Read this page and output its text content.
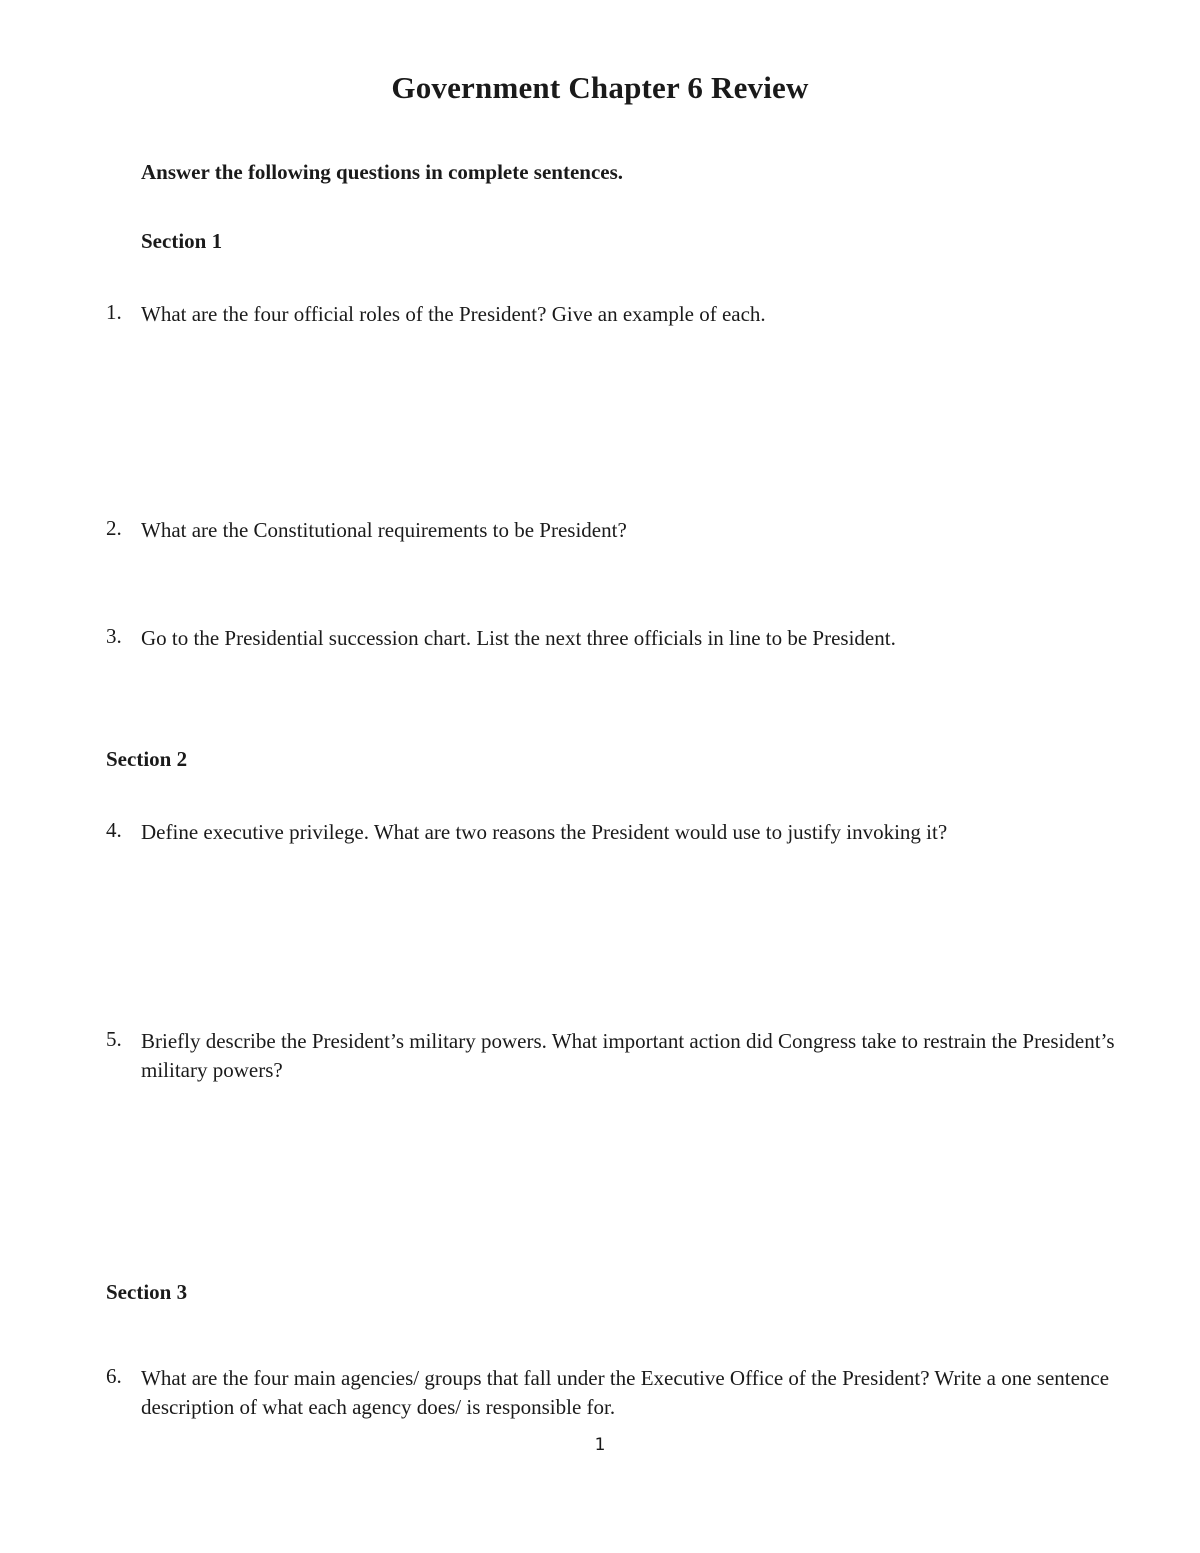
Government Chapter 6 Review
Answer the following questions in complete sentences.
Section 1
1. What are the four official roles of the President? Give an example of each.
2. What are the Constitutional requirements to be President?
3. Go to the Presidential succession chart. List the next three officials in line to be President.
Section 2
4. Define executive privilege. What are two reasons the President would use to justify invoking it?
5. Briefly describe the President’s military powers. What important action did Congress take to restrain the President’s military powers?
Section 3
6. What are the four main agencies/ groups that fall under the Executive Office of the President? Write a one sentence description of what each agency does/ is responsible for.
1
